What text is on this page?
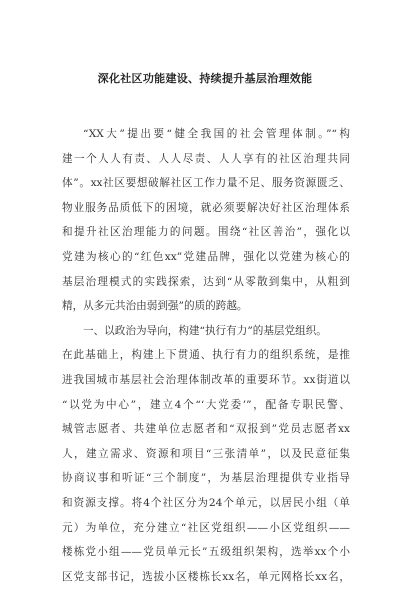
深化社区功能建设、持续提升基层治理效能
“XX大”提出要“健全我国的社会管理体制。”“构
建一个人人有责、人人尽责、人人享有的社区治理共同
体”。xx社区要想破解社区工作力量不足、服务资源匮乏、
物业服务品质低下的困境，就必须要解决好社区治理体系
和提升社区治理能力的问题。围绕“社区善治”，强化以
党建为核心的“红色xx”党建品牌，强化以党建为核心的
基层治理模式的实践探索，达到“从零散到集中，从粗到
精，从多元共治由弱到强”的质的跨越。
一、以政治为导向，构建“执行有力”的基层党组织。
在此基础上，构建上下贯通、执行有力的组织系统，是推
进我国城市基层社会治理体制改革的重要环节。xx街道以
“以党为中心”，建立4个“‘大党委’”，配备专职民警、
城管志愿者、共建单位志愿者和“双报到”党员志愿者xx
人，建立需求、资源和项目“三张清单”，以及民意征集
协商议事和听证“三个制度”，为基层治理提供专业指导
和资源支撑。将4个社区分为24个单元，以居民小组（单
元）为单位，充分建立“社区党组织——小区党组织——
楼栋党小组——党员单元长”五级组织架构，选举xx个小
区党支部书记，选拔小区楼栋长xx名，单元网格长xx名，
